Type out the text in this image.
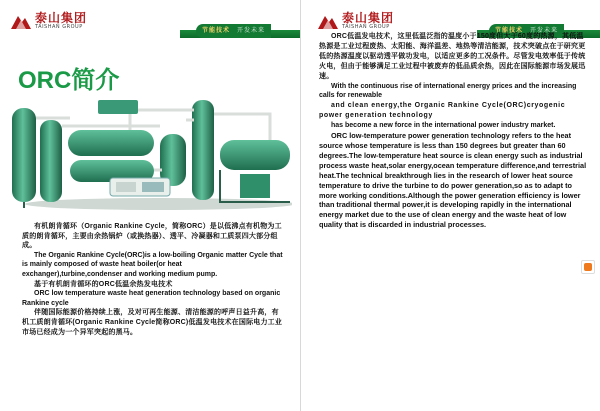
泰山集团
TAISHAN GROUP	节能技术 开发未来
ORC简介

有机朗肯循环（Organic Rankine Cycle，简称ORC）是以低沸点有机物为工质的朗肯循环，主要由余热锅炉（或换热器）、透平、冷凝器和工质泵四大部分组成。

The Organic Rankine Cycle(ORC)is a low-boiling Organic matter Cycle that is mainly composed of waste heat boiler(or heat exchanger),turbine,condenser and working medium pump.

基于有机朗肯循环的ORC低温余热发电技术

ORC low temperature waste heat generation technology based on organic Rankine cycle

伴随国际能源价格持续上涨，及对可再生能源、清洁能源的呼声日益升高，有机工质朗肯循环(Organic Rankine Cycle简称ORC)低温发电技术在国际电力工业市场已经成为一个异军突起的黑马。

泰山集团
TAISHAN GROUP	节能技术 开发未来

ORC低温发电技术，这里低温泛指的温度小于150度但大于60度的热源，其低温热源是工业过程废热、太阳能、海洋温差、地热等清洁能源，技术突破点在于研究更低的热源温度以驱动透平做功发电，以适应更多的工况条件。尽管发电效率低于传统火电，但由于能够满足工业过程中被废弃的低品质余热，因此在国际能源市场发展迅速。

With the continuous rise of international energy prices and the increasing calls for renewable

and clean energy,the Organic Rankine Cycle(ORC)cryogenic power generation technology

has become a new force in the international power industry market.

ORC low-temperature power generation technology refers to the heat source whose temperature is less than 150 degrees but greater than 60 degrees.The low-temperature heat source is clean energy such as industrial process waste heat,solar energy,ocean temperature difference,and terrestrial heat.The technical breakthrough lies in the research of lower heat source temperature to drive the turbine to do power generation,so as to adapt to more working conditions.Although the power generation efficiency is lower than traditional thermal power,it is developing rapidly in the international energy market due to the use of clean energy and the waste heat of low quality that is discarded in industrial processes.
